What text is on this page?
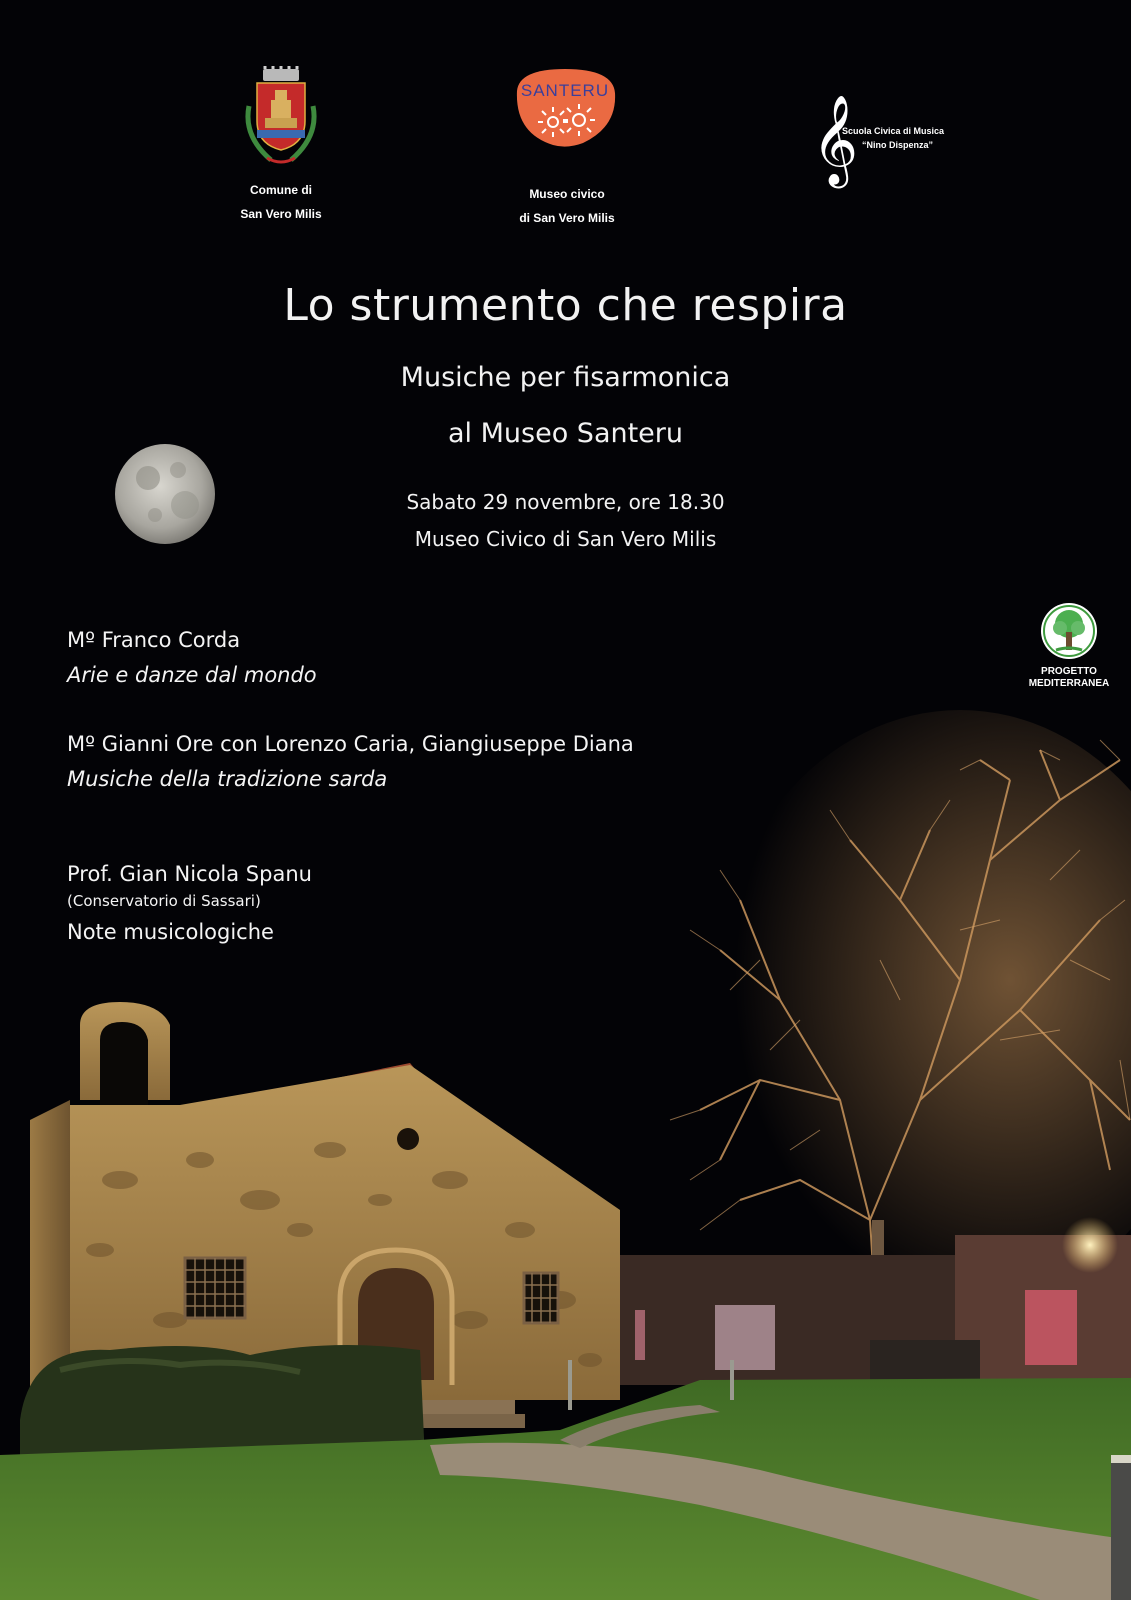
Comune di
San Vero Milis
SANTERU
Museo civico
di San Vero Milis
𝄞
Scuola Civica di Musica
“Nino Dispenza”
Lo strumento che respira
Musiche per fisarmonica
al Museo Santeru
Sabato 29 novembre, ore 18.30
Museo Civico di San Vero Milis
Mº Franco Corda
Arie e danze dal mondo
Mº Gianni Ore con Lorenzo Caria, Giangiuseppe Diana
Musiche della tradizione sarda
Prof. Gian Nicola Spanu
(Conservatorio di Sassari)
Note musicologiche
PROGETTO
MEDITERRANEA
